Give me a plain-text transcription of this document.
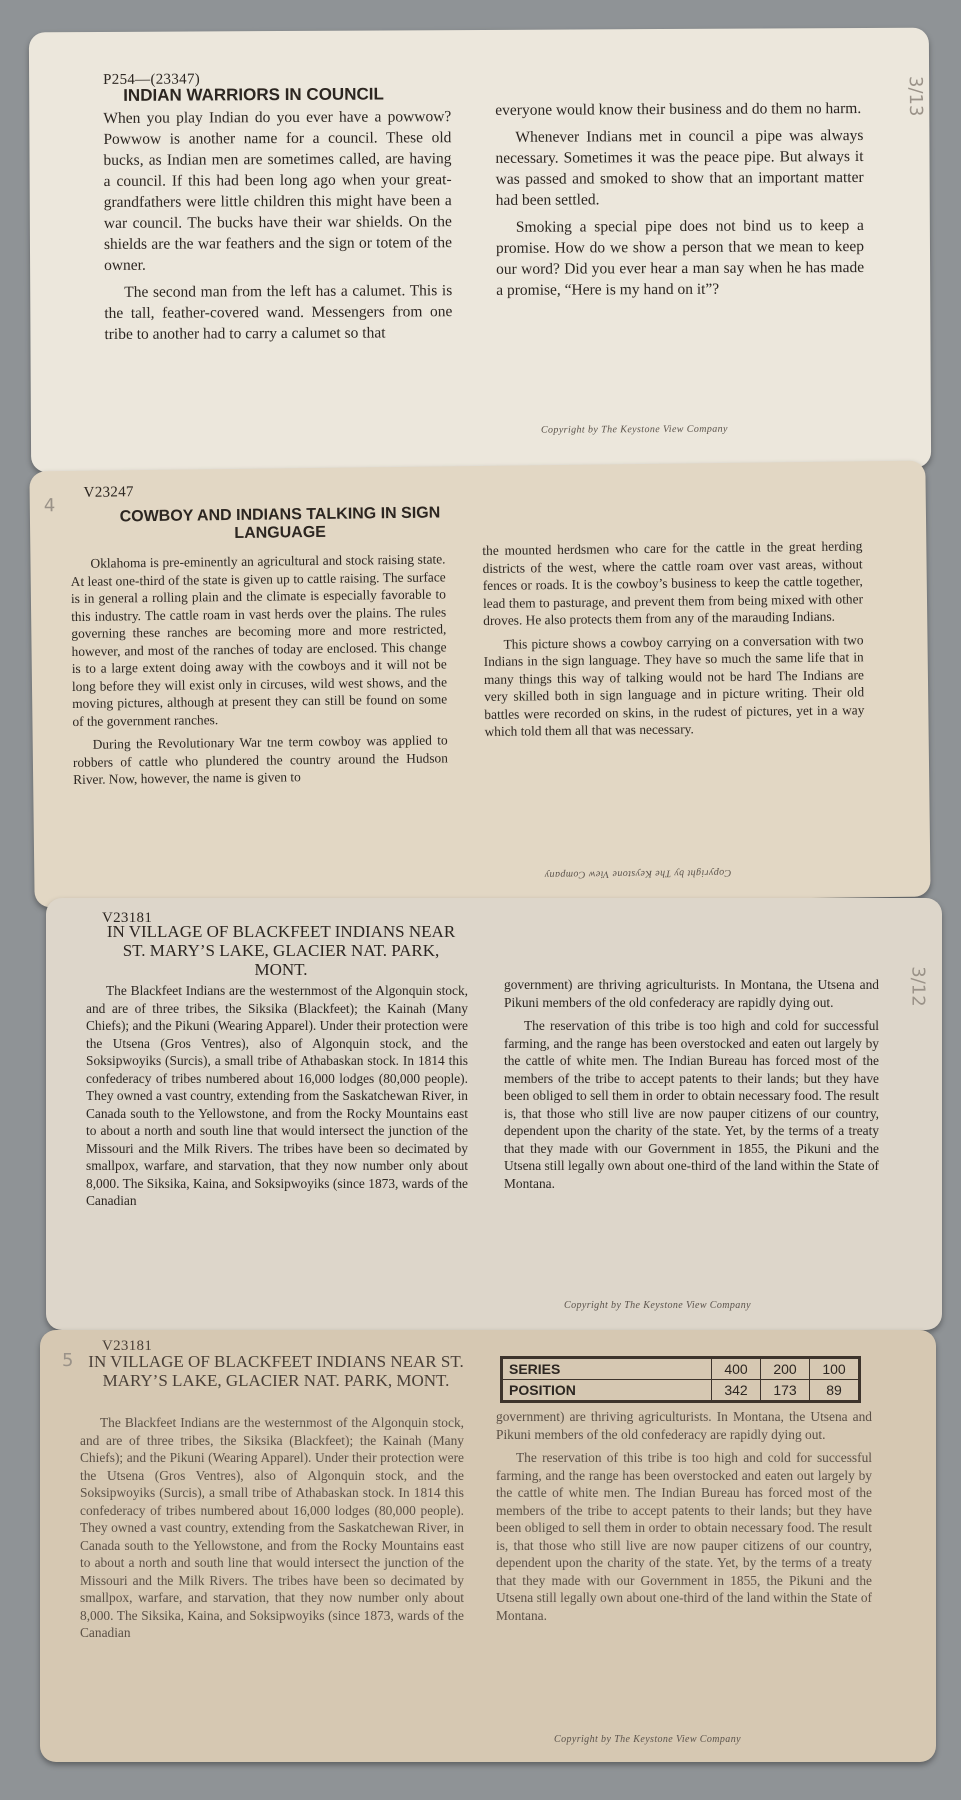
P254—(23347)
INDIAN WARRIORS IN COUNCIL

When you play Indian do you ever have a powwow? Powwow is another name for a council. These old bucks, as Indian men are sometimes called, are having a council. If this had been long ago when your great-grandfathers were little children this might have been a war council. The bucks have their war shields. On the shields are the war feathers and the sign or totem of the owner.

The second man from the left has a calumet. This is the tall, feather-covered wand. Messengers from one tribe to another had to carry a calumet so that

everyone would know their business and do them no harm.

Whenever Indians met in council a pipe was always necessary. Sometimes it was the peace pipe. But always it was passed and smoked to show that an important matter had been settled.

Smoking a special pipe does not bind us to keep a promise. How do we show a person that we mean to keep our word? Did you ever hear a man say when he has made a promise, “Here is my hand on it”?

Copyright by The Keystone View Company
3/13
V23247
COWBOY AND INDIANS TALKING IN SIGN LANGUAGE

Oklahoma is pre-eminently an agricultural and stock raising state. At least one-third of the state is given up to cattle raising. The surface is in general a rolling plain and the climate is especially favorable to this industry. The cattle roam in vast herds over the plains. The rules governing these ranches are becoming more and more restricted, however, and most of the ranches of today are enclosed. This change is to a large extent doing away with the cowboys and it will not be long before they will exist only in circuses, wild west shows, and the moving pictures, although at present they can still be found on some of the government ranches.

During the Revolutionary War tne term cowboy was applied to robbers of cattle who plundered the country around the Hudson River. Now, however, the name is given to

the mounted herdsmen who care for the cattle in the great herding districts of the west, where the cattle roam over vast areas, without fences or roads. It is the cowboy’s business to keep the cattle together, lead them to pasturage, and prevent them from being mixed with other droves. He also protects them from any of the marauding Indians.

This picture shows a cowboy carrying on a conversation with two Indians in the sign language. They have so much the same life that in many things this way of talking would not be hard The Indians are very skilled both in sign language and in picture writing. Their old battles were recorded on skins, in the rudest of pictures, yet in a way which told them all that was necessary.

Copyright by The Keystone View Company
4
V23181
IN VILLAGE OF BLACKFEET INDIANS NEAR ST. MARY’S LAKE, GLACIER NAT. PARK, MONT.

The Blackfeet Indians are the westernmost of the Algonquin stock, and are of three tribes, the Siksika (Blackfeet); the Kainah (Many Chiefs); and the Pikuni (Wearing Apparel). Under their protection were the Utsena (Gros Ventres), also of Algonquin stock, and the Soksipwoyiks (Surcis), a small tribe of Athabaskan stock. In 1814 this confederacy of tribes numbered about 16,000 lodges (80,000 people). They owned a vast country, extending from the Saskatchewan River, in Canada south to the Yellowstone, and from the Rocky Mountains east to about a north and south line that would intersect the junction of the Missouri and the Milk Rivers. The tribes have been so decimated by smallpox, warfare, and starvation, that they now number only about 8,000. The Siksika, Kaina, and Soksipwoyiks (since 1873, wards of the Canadian

government) are thriving agriculturists. In Montana, the Utsena and Pikuni members of the old confederacy are rapidly dying out.

The reservation of this tribe is too high and cold for successful farming, and the range has been overstocked and eaten out largely by the cattle of white men. The Indian Bureau has forced most of the members of the tribe to accept patents to their lands; but they have been obliged to sell them in order to obtain necessary food. The result is, that those who still live are now pauper citizens of our country, dependent upon the charity of the state. Yet, by the terms of a treaty that they made with our Government in 1855, the Pikuni and the Utsena still legally own about one-third of the land within the State of Montana.

Copyright by The Keystone View Company
3/12
V23181
IN VILLAGE OF BLACKFEET INDIANS NEAR ST. MARY’S LAKE, GLACIER NAT. PARK, MONT.

The Blackfeet Indians are the westernmost of the Algonquin stock, and are of three tribes, the Siksika (Blackfeet); the Kainah (Many Chiefs); and the Pikuni (Wearing Apparel). Under their protection were the Utsena (Gros Ventres), also of Algonquin stock, and the Soksipwoyiks (Surcis), a small tribe of Athabaskan stock. In 1814 this confederacy of tribes numbered about 16,000 lodges (80,000 people). They owned a vast country, extending from the Saskatchewan River, in Canada south to the Yellowstone, and from the Rocky Mountains east to about a north and south line that would intersect the junction of the Missouri and the Milk Rivers. The tribes have been so decimated by smallpox, warfare, and starvation, that they now number only about 8,000. The Siksika, Kaina, and Soksipwoyiks (since 1873, wards of the Canadian

government) are thriving agriculturists. In Montana, the Utsena and Pikuni members of the old confederacy are rapidly dying out.

The reservation of this tribe is too high and cold for successful farming, and the range has been overstocked and eaten out largely by the cattle of white men. The Indian Bureau has forced most of the members of the tribe to accept patents to their lands; but they have been obliged to sell them in order to obtain necessary food. The result is, that those who still live are now pauper citizens of our country, dependent upon the charity of the state. Yet, by the terms of a treaty that they made with our Government in 1855, the Pikuni and the Utsena still legally own about one-third of the land within the State of Montana.

SERIES	400	200	100
POSITION	342	173	89
Copyright by The Keystone View Company
5
